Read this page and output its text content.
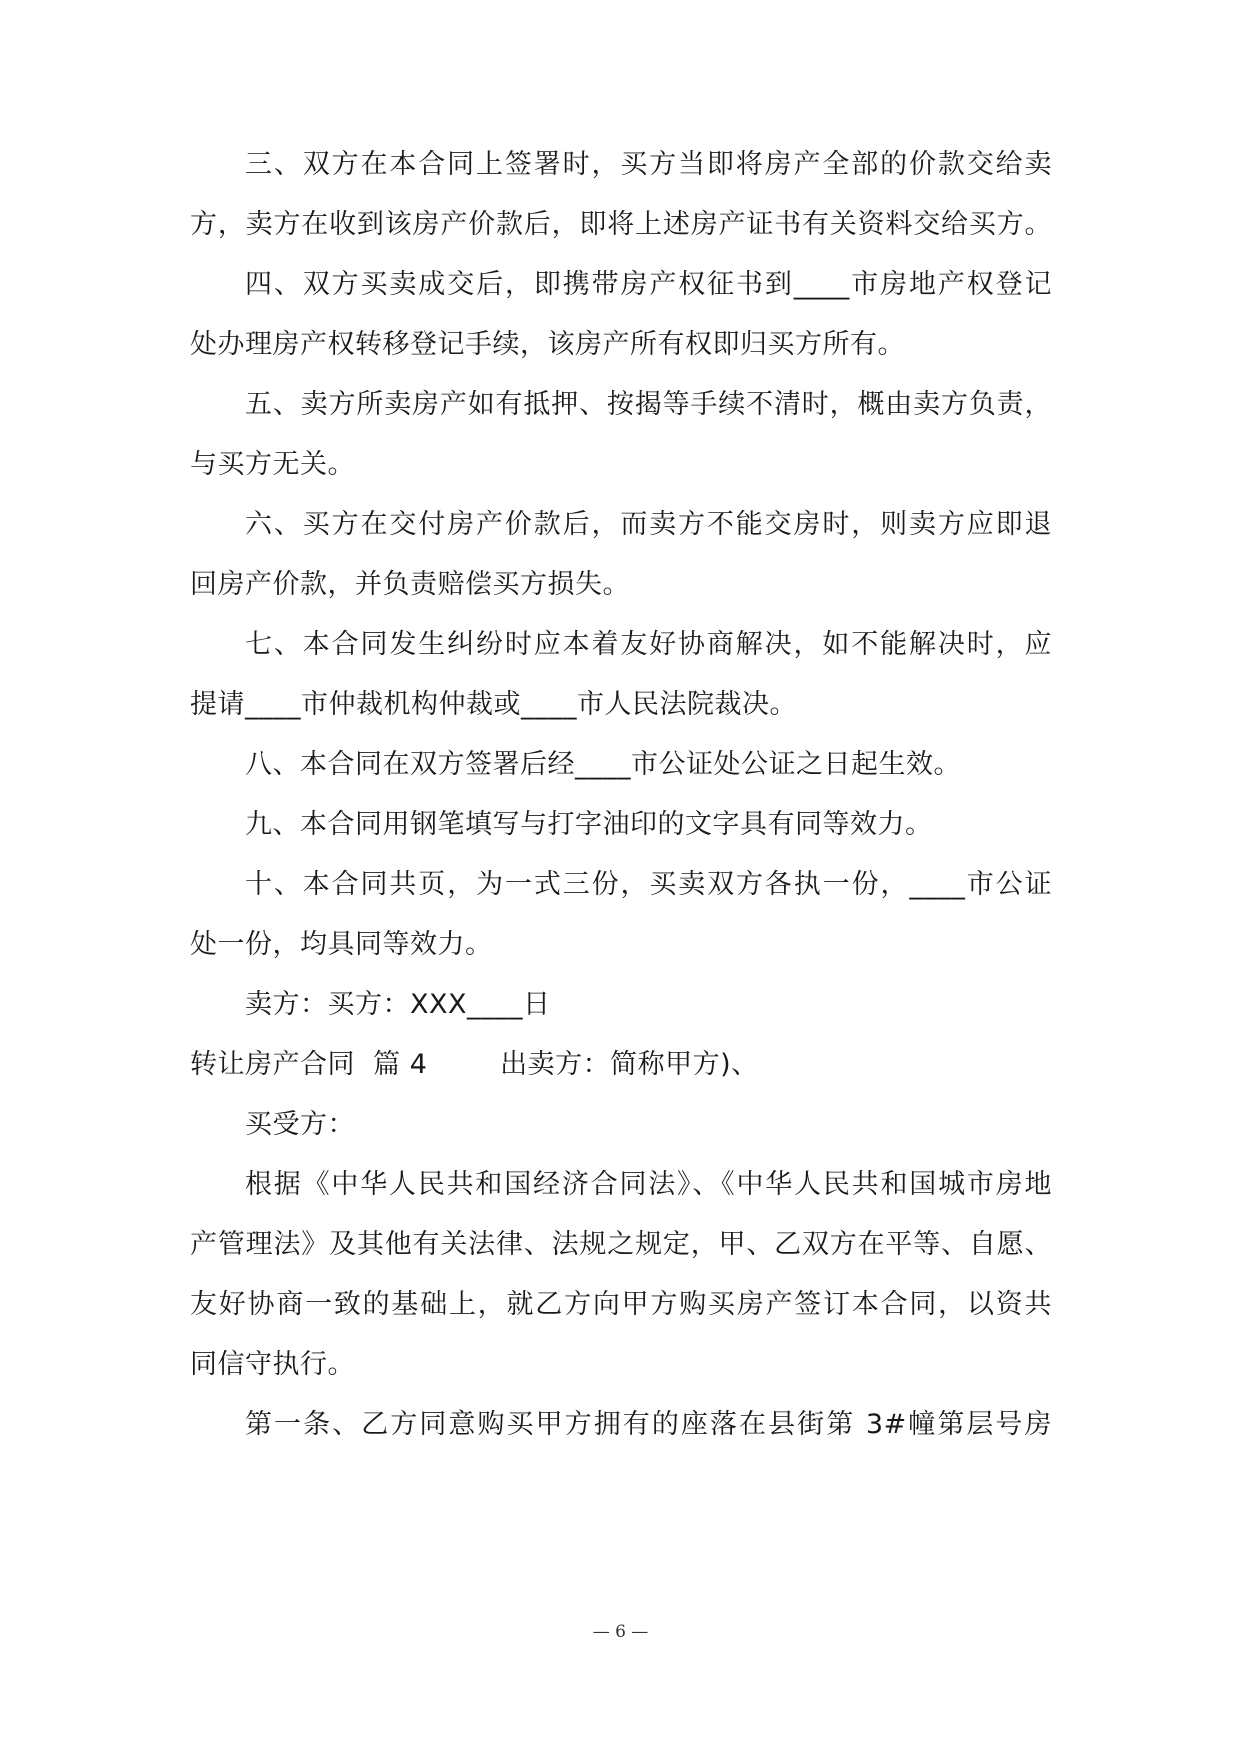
三、双方在本合同上签署时，买方当即将房产全部的价款交给卖
方，卖方在收到该房产价款后，即将上述房产证书有关资料交给买方。
四、双方买卖成交后，即携带房产权征书到____市房地产权登记
处办理房产权转移登记手续，该房产所有权即归买方所有。
五、卖方所卖房产如有抵押、按揭等手续不清时，概由卖方负责，
与买方无关。
六、买方在交付房产价款后，而卖方不能交房时，则卖方应即退
回房产价款，并负责赔偿买方损失。
七、本合同发生纠纷时应本着友好协商解决，如不能解决时，应
提请____市仲裁机构仲裁或____市人民法院裁决。
八、本合同在双方签署后经____市公证处公证之日起生效。
九、本合同用钢笔填写与打字油印的文字具有同等效力。
十、本合同共页，为一式三份，买卖双方各执一份，____市公证
处一份，均具同等效力。
卖方：买方：XXX____日
转让房产合同  篇 4        出卖方：简称甲方)、
买受方：
根据《中华人民共和国经济合同法》、《中华人民共和国城市房地
产管理法》及其他有关法律、法规之规定，甲、乙双方在平等、自愿、
友好协商一致的基础上，就乙方向甲方购买房产签订本合同，以资共
同信守执行。
第一条、乙方同意购买甲方拥有的座落在县街第 3#幢第层号房
— 6 —
